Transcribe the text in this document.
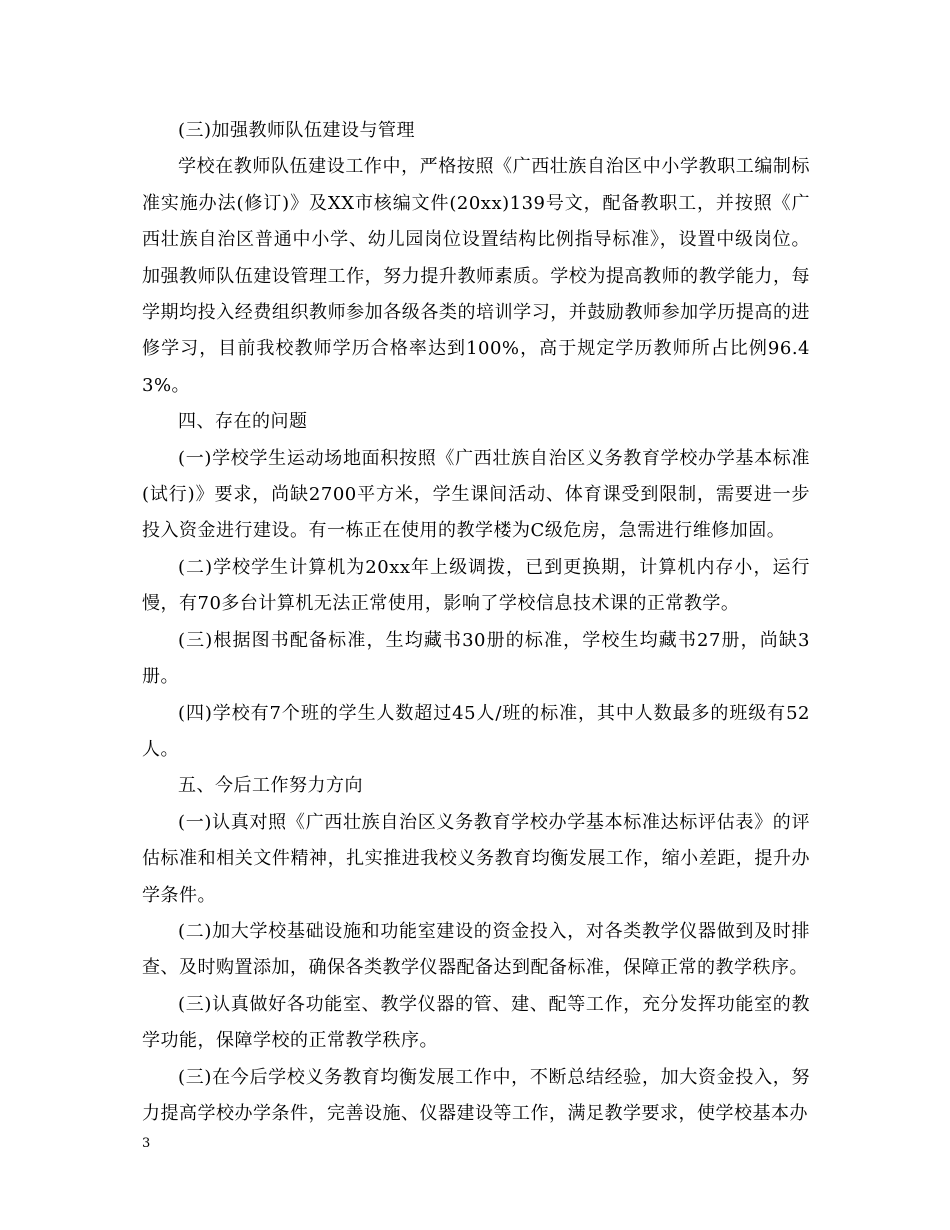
(三)加强教师队伍建设与管理

学校在教师队伍建设工作中，严格按照《广西壮族自治区中小学教职工编制标准实施办法(修订)》及XX市核编文件(20xx)139号文，配备教职工，并按照《广西壮族自治区普通中小学、幼儿园岗位设置结构比例指导标准》，设置中级岗位。加强教师队伍建设管理工作，努力提升教师素质。学校为提高教师的教学能力，每学期均投入经费组织教师参加各级各类的培训学习，并鼓励教师参加学历提高的进修学习，目前我校教师学历合格率达到100%，高于规定学历教师所占比例96.43%。

四、存在的问题

(一)学校学生运动场地面积按照《广西壮族自治区义务教育学校办学基本标准(试行)》要求，尚缺2700平方米，学生课间活动、体育课受到限制，需要进一步投入资金进行建设。有一栋正在使用的教学楼为C级危房，急需进行维修加固。

(二)学校学生计算机为20xx年上级调拨，已到更换期，计算机内存小，运行慢，有70多台计算机无法正常使用，影响了学校信息技术课的正常教学。

(三)根据图书配备标准，生均藏书30册的标准，学校生均藏书27册，尚缺3册。

(四)学校有7个班的学生人数超过45人/班的标准，其中人数最多的班级有52人。

五、今后工作努力方向

(一)认真对照《广西壮族自治区义务教育学校办学基本标准达标评估表》的评估标准和相关文件精神，扎实推进我校义务教育均衡发展工作，缩小差距，提升办学条件。

(二)加大学校基础设施和功能室建设的资金投入，对各类教学仪器做到及时排查、及时购置添加，确保各类教学仪器配备达到配备标准，保障正常的教学秩序。

(三)认真做好各功能室、教学仪器的管、建、配等工作，充分发挥功能室的教学功能，保障学校的正常教学秩序。

(三)在今后学校义务教育均衡发展工作中，不断总结经验，加大资金投入，努力提高学校办学条件，完善设施、仪器建设等工作，满足教学要求，使学校基本办

3
